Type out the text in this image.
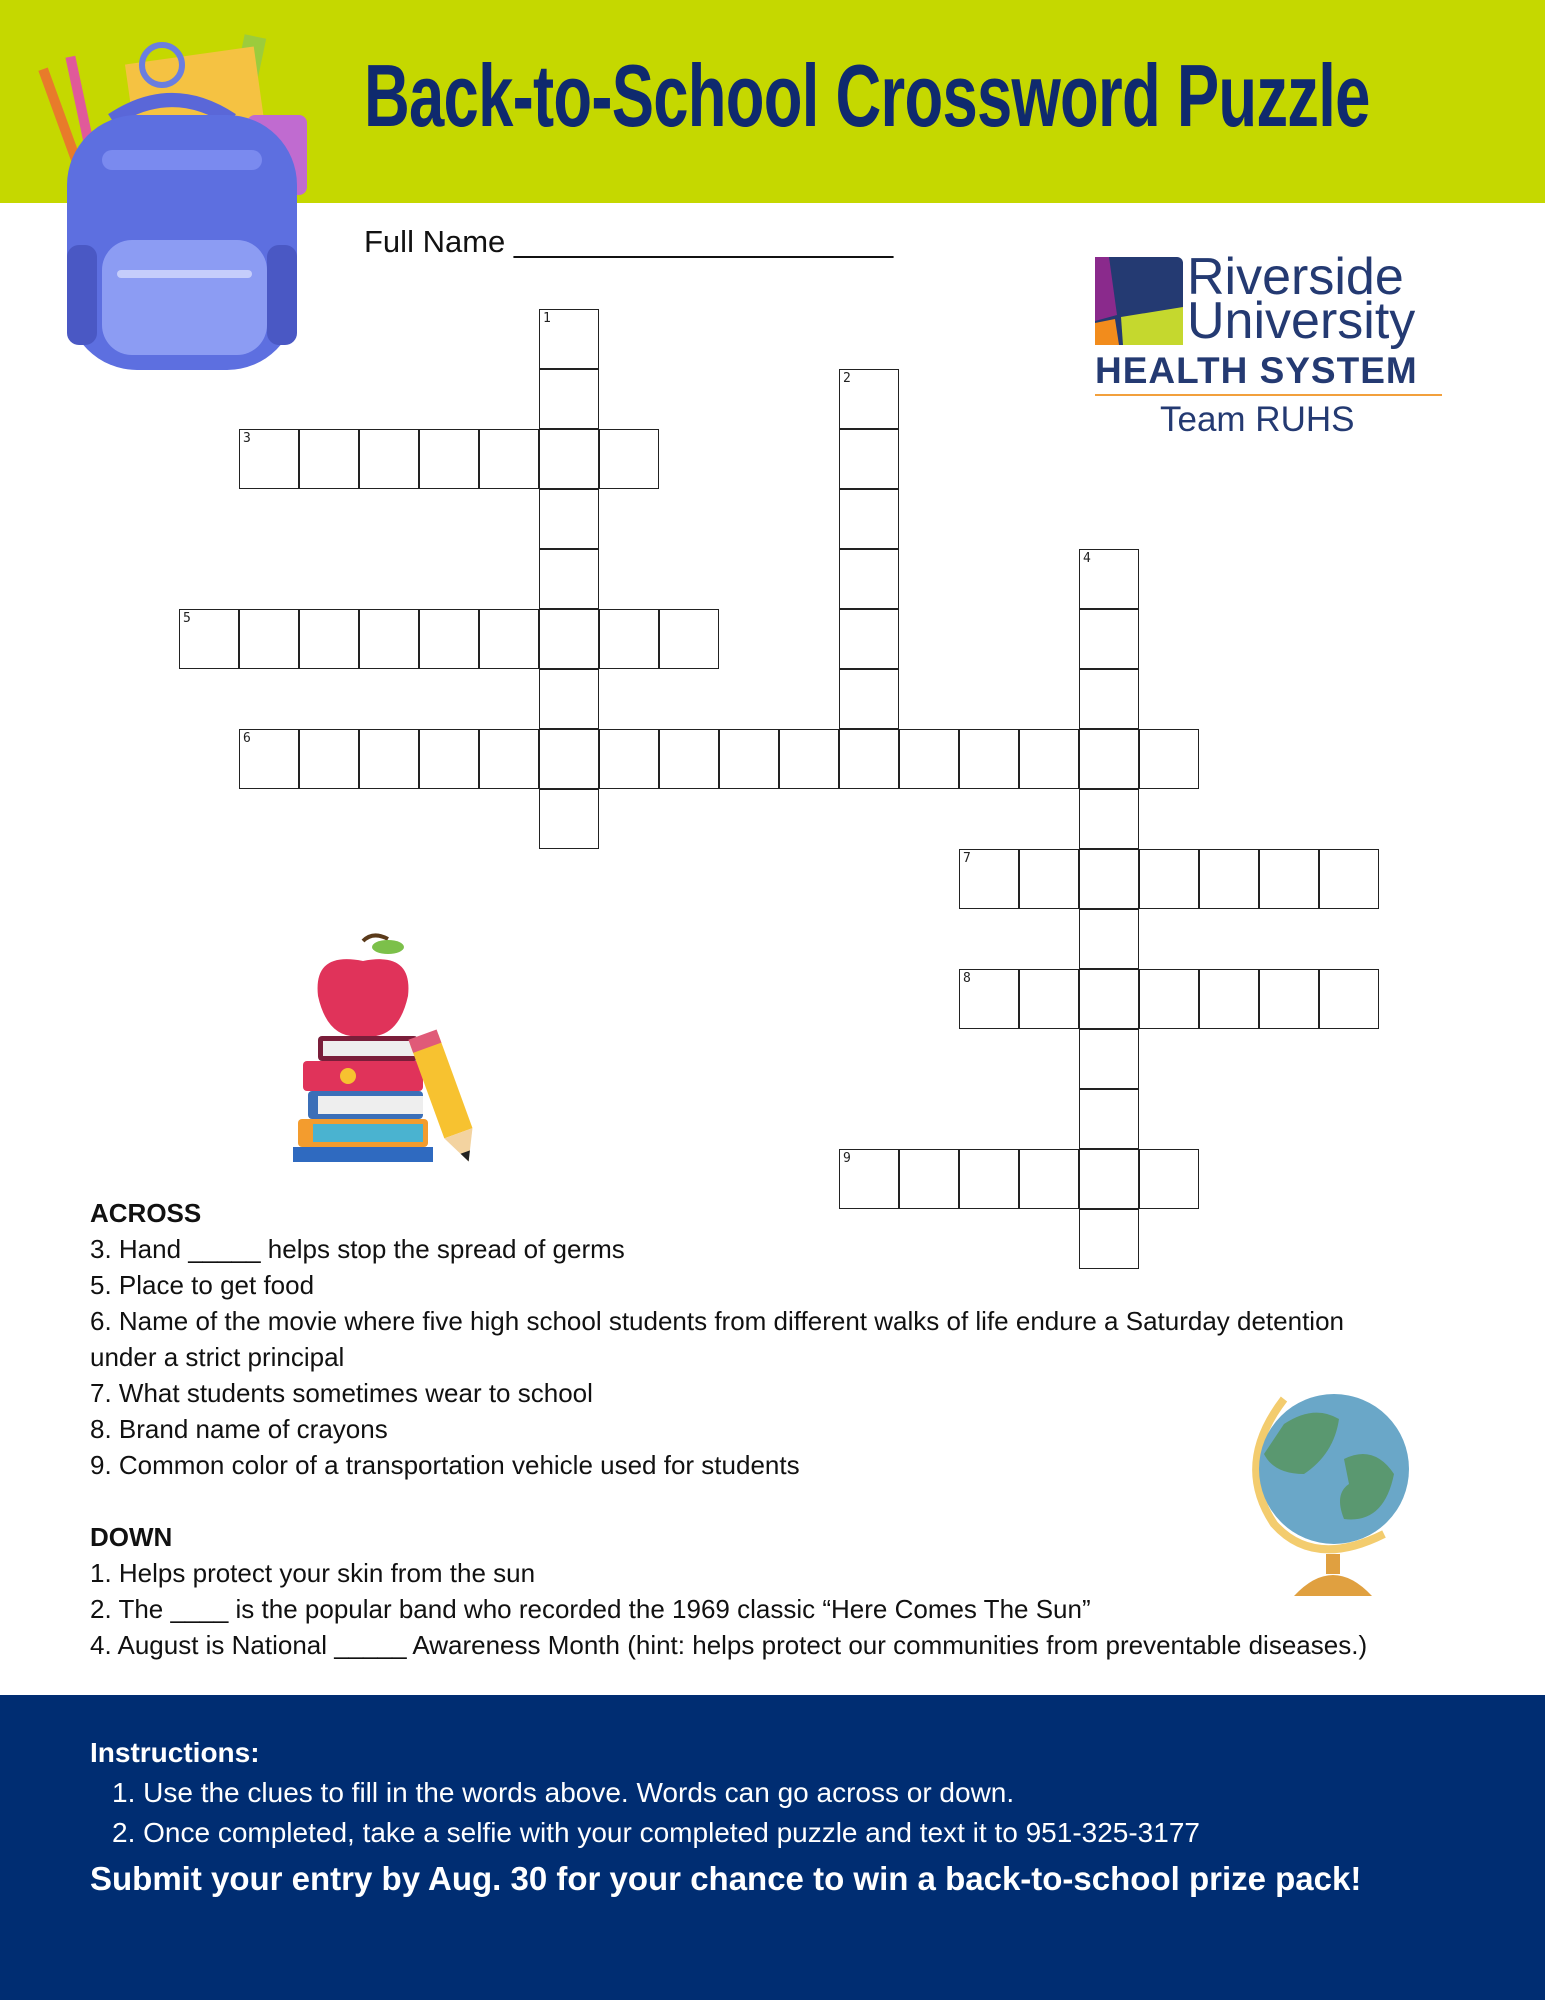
Back-to-School Crossword Puzzle
Full Name ______________________
Riverside
University
HEALTH SYSTEM
Team RUHS
1
2
3
4
5
6
7
8
9
ACROSS
3. Hand _____ helps stop the spread of germs
5. Place to get food
6. Name of the movie where five high school students from different walks of life endure a Saturday detention
under a strict principal
7. What students sometimes wear to school
8. Brand name of crayons
9. Common color of a transportation vehicle used for students
DOWN
1. Helps protect your skin from the sun
2. The ____ is the popular band who recorded the 1969 classic “Here Comes The Sun”
4. August is National _____ Awareness Month (hint: helps protect our communities from preventable diseases.)
Instructions:
1. Use the clues to fill in the words above. Words can go across or down.
2. Once completed, take a selfie with your completed puzzle and text it to 951-325-3177
Submit your entry by Aug. 30 for your chance to win a back-to-school prize pack!
